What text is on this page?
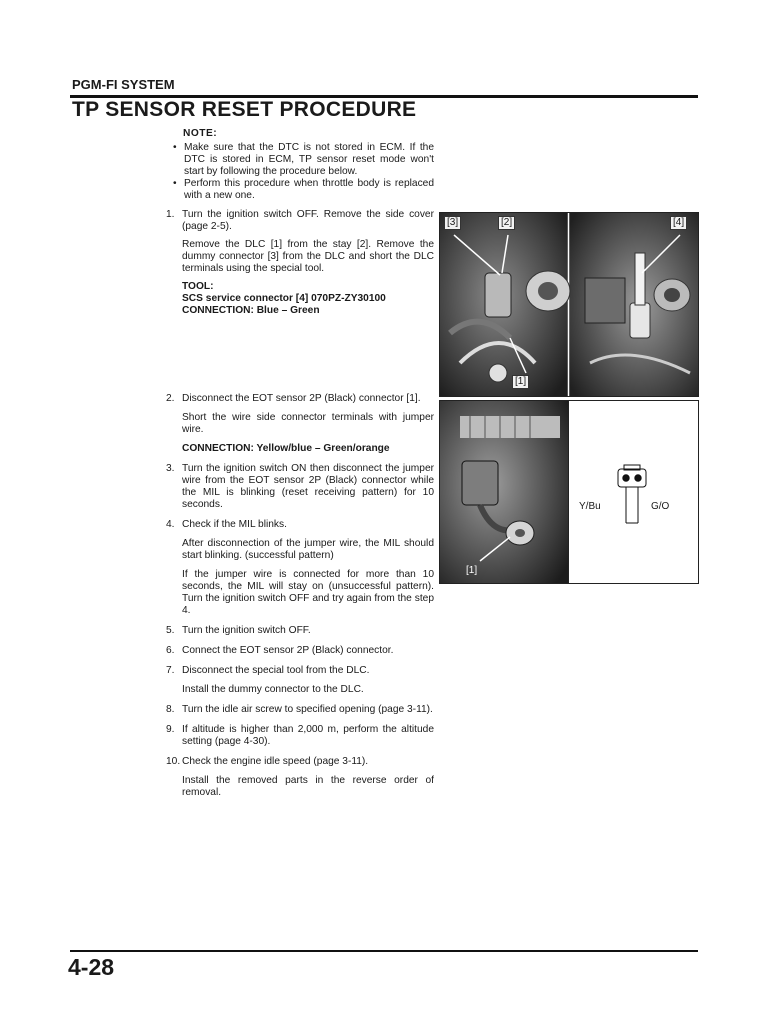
PGM-FI SYSTEM
TP SENSOR RESET PROCEDURE
NOTE:
• Make sure that the DTC is not stored in ECM. If the DTC is stored in ECM, TP sensor reset mode won't start by following the procedure below.
• Perform this procedure when throttle body is replaced with a new one.
1. Turn the ignition switch OFF. Remove the side cover (page 2-5).
Remove the DLC [1] from the stay [2]. Remove the dummy connector [3] from the DLC and short the DLC terminals using the special tool.
TOOL:
SCS service connector [4] 070PZ-ZY30100
CONNECTION: Blue – Green
2. Disconnect the EOT sensor 2P (Black) connector [1].
Short the wire side connector terminals with jumper wire.
CONNECTION: Yellow/blue – Green/orange
3. Turn the ignition switch ON then disconnect the jumper wire from the EOT sensor 2P (Black) connector while the MIL is blinking (reset receiving pattern) for 10 seconds.
4. Check if the MIL blinks.
After disconnection of the jumper wire, the MIL should start blinking. (successful pattern)
If the jumper wire is connected for more than 10 seconds, the MIL will stay on (unsuccessful pattern). Turn the ignition switch OFF and try again from the step 4.
5. Turn the ignition switch OFF.
6. Connect the EOT sensor 2P (Black) connector.
7. Disconnect the special tool from the DLC.
Install the dummy connector to the DLC.
8. Turn the idle air screw to specified opening (page 3-11).
9. If altitude is higher than 2,000 m, perform the altitude setting (page 4-30).
10. Check the engine idle speed (page 3-11).
Install the removed parts in the reverse order of removal.
[3]	[2]	[4]
[1]
Y/Bu	G/O
[1]
4-28
